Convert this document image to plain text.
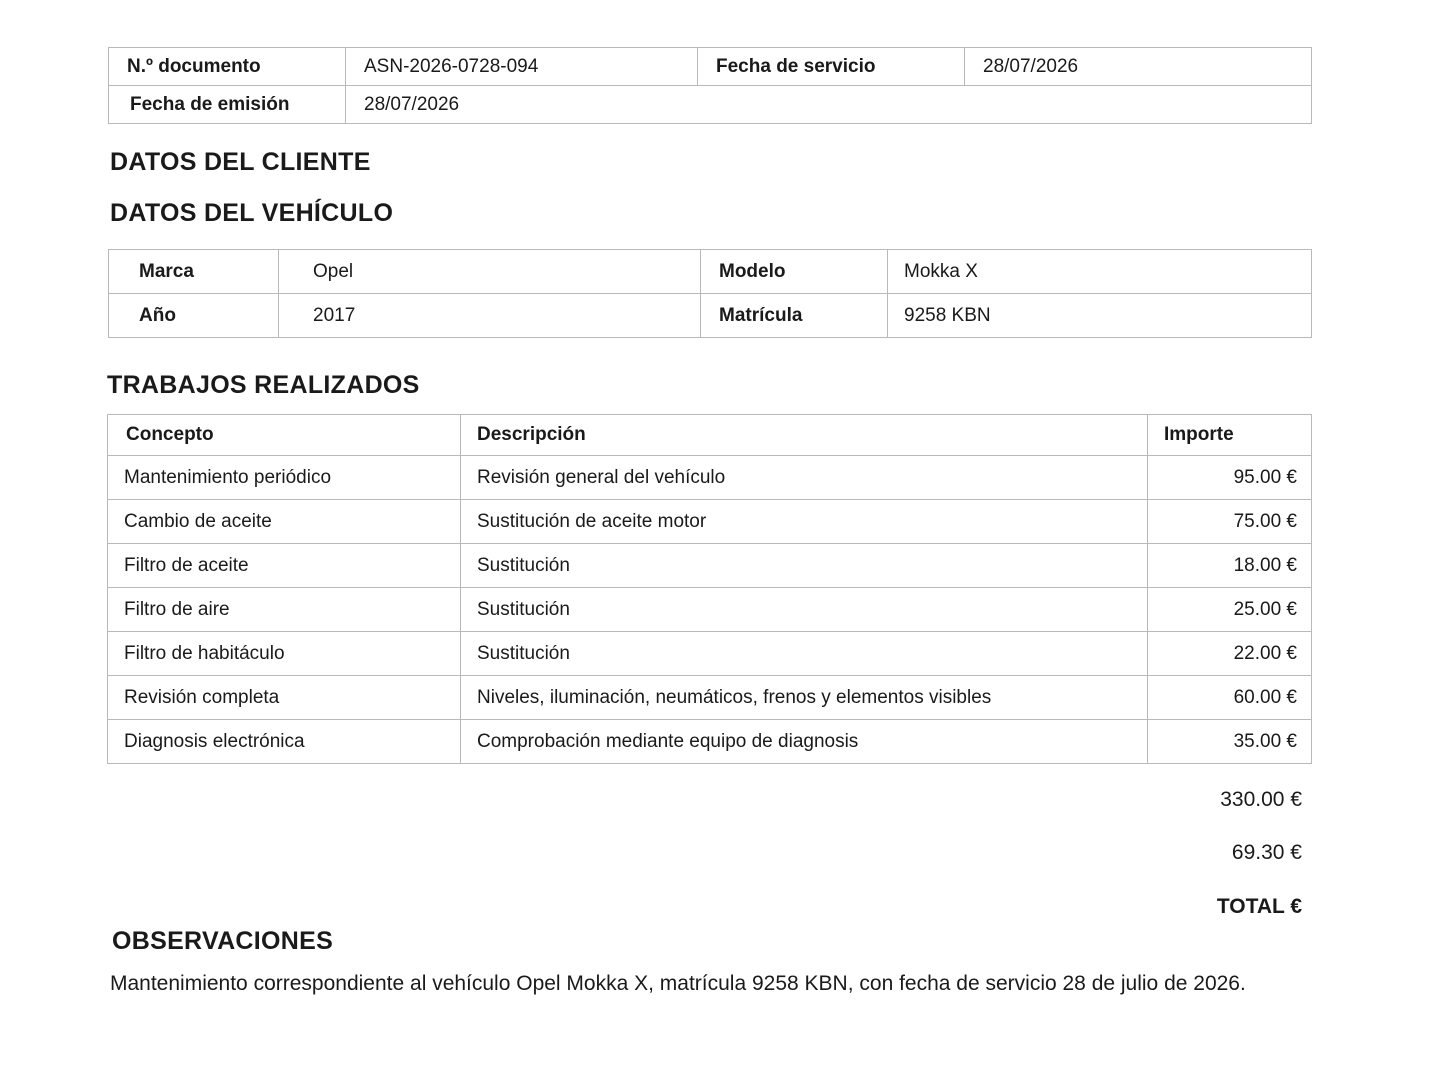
N.º documento	ASN-2026-0728-094	Fecha de servicio	28/07/2026
Fecha de emisión	28/07/2026		
DATOS DEL CLIENTE
DATOS DEL VEHÍCULO
Marca	Opel	Modelo	Mokka X
Año	2017	Matrícula	9258 KBN
TRABAJOS REALIZADOS
Concepto	Descripción	Importe
Mantenimiento periódico	Revisión general del vehículo	95.00 €
Cambio de aceite	Sustitución de aceite motor	75.00 €
Filtro de aceite	Sustitución	18.00 €
Filtro de aire	Sustitución	25.00 €
Filtro de habitáculo	Sustitución	22.00 €
Revisión completa	Niveles, iluminación, neumáticos, frenos y elementos visibles	60.00 €
Diagnosis electrónica	Comprobación mediante equipo de diagnosis	35.00 €
330.00 €
69.30 €
TOTAL €
OBSERVACIONES

Mantenimiento correspondiente al vehículo Opel Mokka X, matrícula 9258 KBN, con fecha de servicio 28 de julio de 2026.
